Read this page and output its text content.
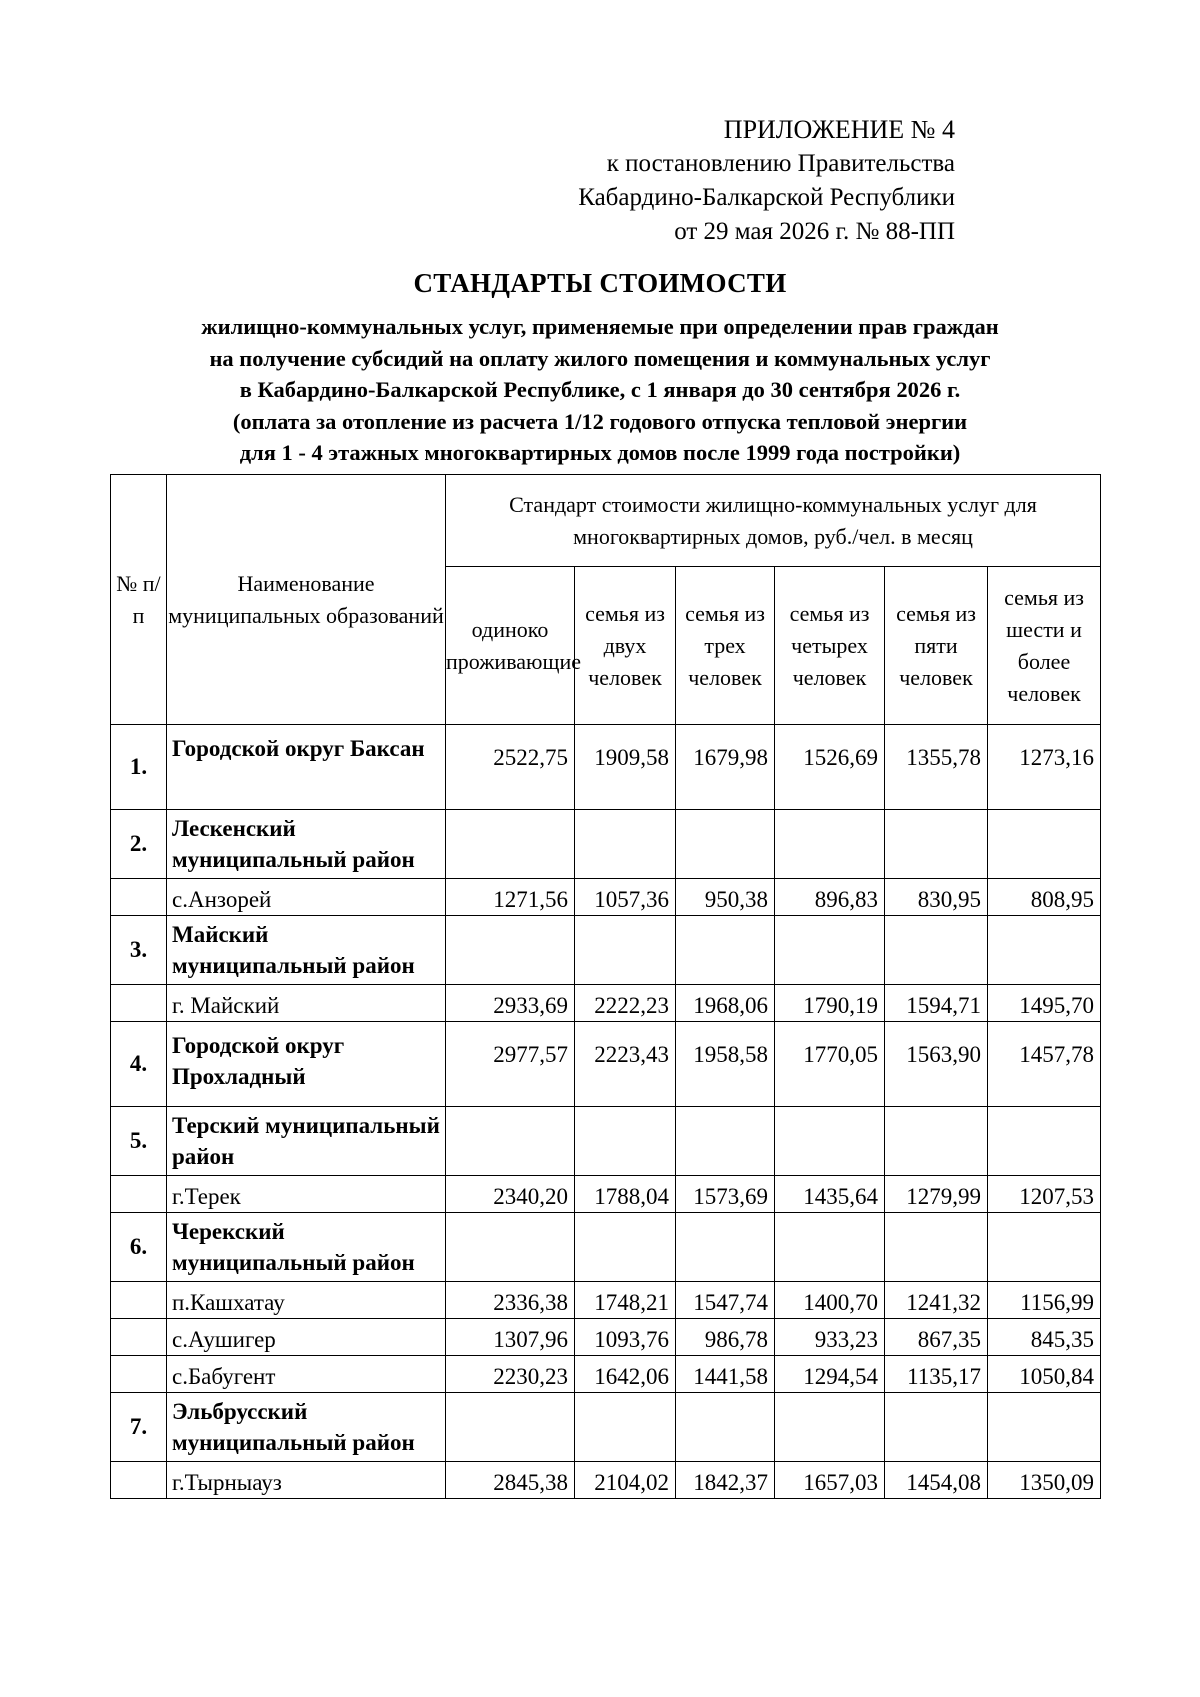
ПРИЛОЖЕНИЕ № 4
к постановлению Правительства
Кабардино-Балкарской Республики
от 29 мая 2026 г. № 88-ПП
СТАНДАРТЫ СТОИМОСТИ
жилищно-коммунальных услуг, применяемые при определении прав граждан
на получение субсидий на оплату жилого помещения и коммунальных услуг
в Кабардино-Балкарской Республике, с 1 января до 30 сентября 2026 г.
(оплата за отопление из расчета 1/12 годового отпуска тепловой энергии
для 1 - 4 этажных многоквартирных домов после 1999 года постройки)
№ п/п	Наименование муниципальных образований	Стандарт стоимости жилищно-коммунальных услуг для многоквартирных домов, руб./чел. в месяц					
		одиноко проживающие	семья из двух человек	семья из трех человек	семья из четырех человек	семья из пяти человек	семья из шести и более человек
1.	Городской округ Баксан	2522,75	1909,58	1679,98	1526,69	1355,78	1273,16
2.	Лескенский муниципальный район						
	с.Анзорей	1271,56	1057,36	950,38	896,83	830,95	808,95
3.	Майский муниципальный район						
	г. Майский	2933,69	2222,23	1968,06	1790,19	1594,71	1495,70
4.	Городской округ Прохладный	2977,57	2223,43	1958,58	1770,05	1563,90	1457,78
5.	Терский муниципальный район						
	г.Терек	2340,20	1788,04	1573,69	1435,64	1279,99	1207,53
6.	Черекский муниципальный район						
	п.Кашхатау	2336,38	1748,21	1547,74	1400,70	1241,32	1156,99
	с.Аушигер	1307,96	1093,76	986,78	933,23	867,35	845,35
	с.Бабугент	2230,23	1642,06	1441,58	1294,54	1135,17	1050,84
7.	Эльбрусский муниципальный район						
	г.Тырныауз	2845,38	2104,02	1842,37	1657,03	1454,08	1350,09
